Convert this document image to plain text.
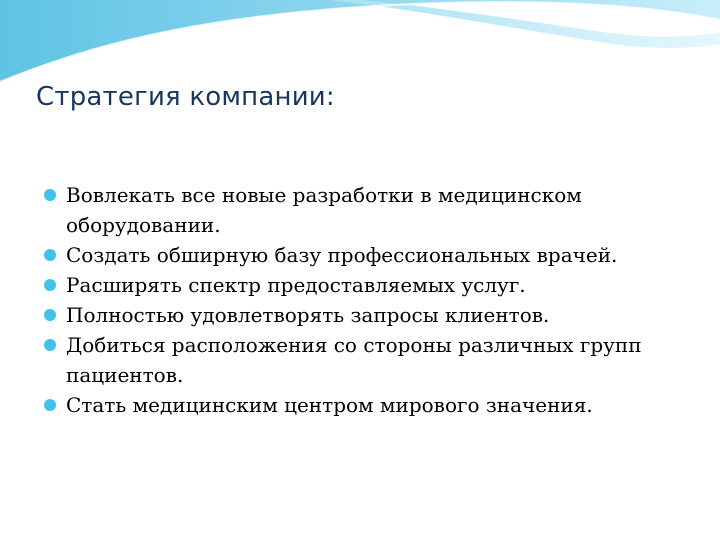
Стратегия компании:
Вовлекать все новые разработки в медицинском оборудовании.
Создать обширную базу профессиональных врачей.
Расширять спектр предоставляемых услуг.
Полностью удовлетворять запросы клиентов.
Добиться расположения со стороны различных групп пациентов.
Стать медицинским центром мирового значения.
